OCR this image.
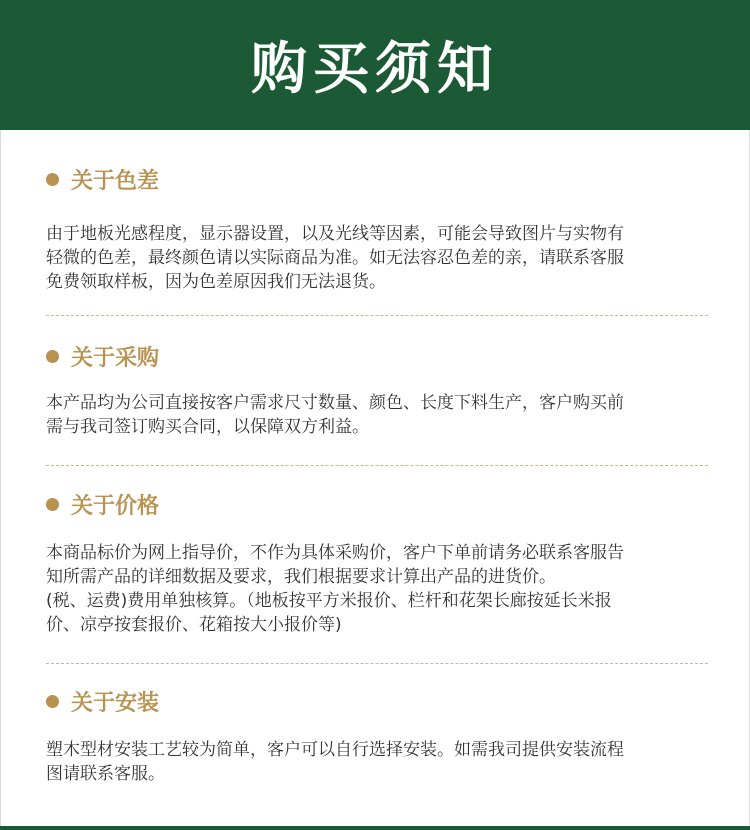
购买须知
关于色差
由于地板光感程度，显示器设置，以及光线等因素，可能会导致图片与实物有
轻微的色差，最终颜色请以实际商品为准。如无法容忍色差的亲，请联系客服
免费领取样板，因为色差原因我们无法退货。
关于采购
本产品均为公司直接按客户需求尺寸数量、颜色、长度下料生产，客户购买前
需与我司签订购买合同，以保障双方利益。
关于价格
本商品标价为网上指导价，不作为具体采购价，客户下单前请务必联系客服告
知所需产品的详细数据及要求，我们根据要求计算出产品的进货价。
(税、运费)费用单独核算。（地板按平方米报价、栏杆和花架长廊按延长米报
价、凉亭按套报价、花箱按大小报价等)
关于安装
塑木型材安装工艺较为简单，客户可以自行选择安装。如需我司提供安装流程
图请联系客服。
